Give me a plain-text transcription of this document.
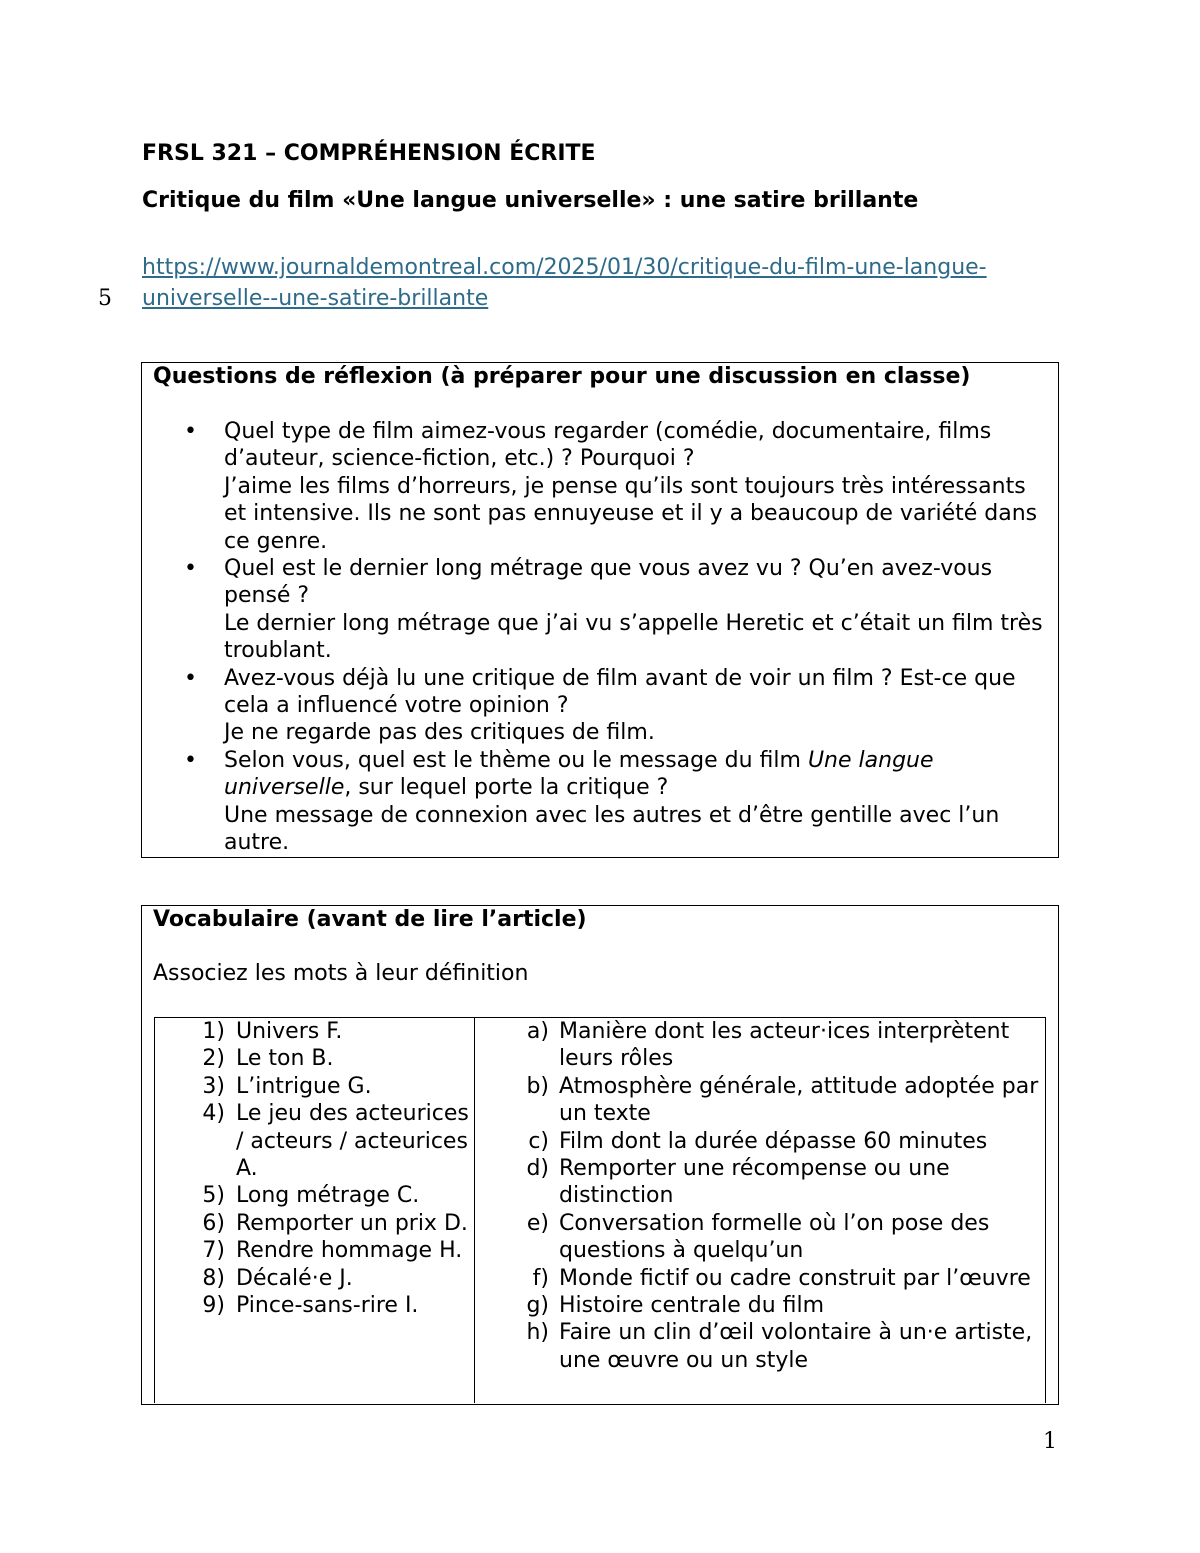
FRSL 321 – COMPRÉHENSION ÉCRITE
Critique du film «Une langue universelle» : une satire brillante
5
https://www.journaldemontreal.com/2025/01/30/critique-du-film-une-langue-universelle--une-satire-brillante
Questions de réflexion (à préparer pour une discussion en classe)
• Quel type de film aimez-vous regarder (comédie, documentaire, films d’auteur, science-fiction, etc.) ? Pourquoi ?
J’aime les films d’horreurs, je pense qu’ils sont toujours très intéressants et intensive. Ils ne sont pas ennuyeuse et il y a beaucoup de variété dans ce genre.
• Quel est le dernier long métrage que vous avez vu ? Qu’en avez-vous pensé ?
Le dernier long métrage que j’ai vu s’appelle Heretic et c’était un film très troublant.
• Avez-vous déjà lu une critique de film avant de voir un film ? Est-ce que cela a influencé votre opinion ?
Je ne regarde pas des critiques de film.
• Selon vous, quel est le thème ou le message du film Une langue universelle, sur lequel porte la critique ?
Une message de connexion avec les autres et d’être gentille avec l’un autre.
Vocabulaire (avant de lire l’article)
Associez les mots à leur définition
1) Univers F.
2) Le ton B.
3) L’intrigue G.
4) Le jeu des acteurices / acteurs / acteurices A.
5) Long métrage C.
6) Remporter un prix D.
7) Rendre hommage H.
8) Décalé·e J.
9) Pince-sans-rire I.
a) Manière dont les acteur·ices interprètent leurs rôles
b) Atmosphère générale, attitude adoptée par un texte
c) Film dont la durée dépasse 60 minutes
d) Remporter une récompense ou une distinction
e) Conversation formelle où l’on pose des questions à quelqu’un
f) Monde fictif ou cadre construit par l’œuvre
g) Histoire centrale du film
h) Faire un clin d’œil volontaire à un·e artiste, une œuvre ou un style
1
